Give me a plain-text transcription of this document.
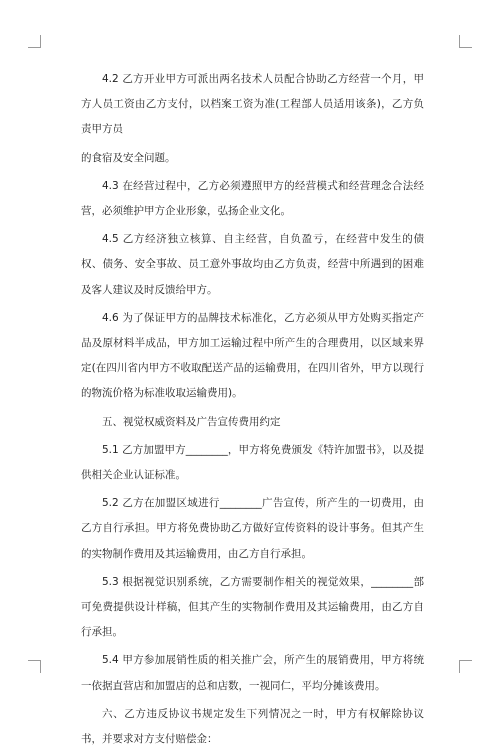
4.2 乙方开业甲方可派出两名技术人员配合协助乙方经营一个月，甲方人员工资由乙方支付，以档案工资为准(工程部人员适用该条)，乙方负责甲方员

的食宿及安全问题。

4.3 在经营过程中，乙方必须遵照甲方的经营模式和经营理念合法经营，必须维护甲方企业形象，弘扬企业文化。

4.5 乙方经济独立核算、自主经营，自负盈亏，在经营中发生的债权、债务、安全事故、员工意外事故均由乙方负责，经营中所遇到的困难及客人建议及时反馈给甲方。

4.6 为了保证甲方的品牌技术标准化，乙方必须从甲方处购买指定产品及原材料半成品，甲方加工运输过程中所产生的合理费用，以区域来界定(在四川省内甲方不收取配送产品的运输费用，在四川省外，甲方以现行的物流价格为标准收取运输费用)。

五、视觉权威资料及广告宣传费用约定

5.1 乙方加盟甲方________，甲方将免费颁发《特许加盟书》，以及提供相关企业认证标准。

5.2 乙方在加盟区域进行________广告宣传，所产生的一切费用，由乙方自行承担。甲方将免费协助乙方做好宣传资料的设计事务。但其产生的实物制作费用及其运输费用，由乙方自行承担。

5.3 根据视觉识别系统，乙方需要制作相关的视觉效果，________部可免费提供设计样稿，但其产生的实物制作费用及其运输费用，由乙方自行承担。

5.4 甲方参加展销性质的相关推广会，所产生的展销费用，甲方将统一依据直营店和加盟店的总和店数，一视同仁，平均分摊该费用。

六、乙方违反协议书规定发生下列情况之一时，甲方有权解除协议书，并要求对方支付赔偿金：
